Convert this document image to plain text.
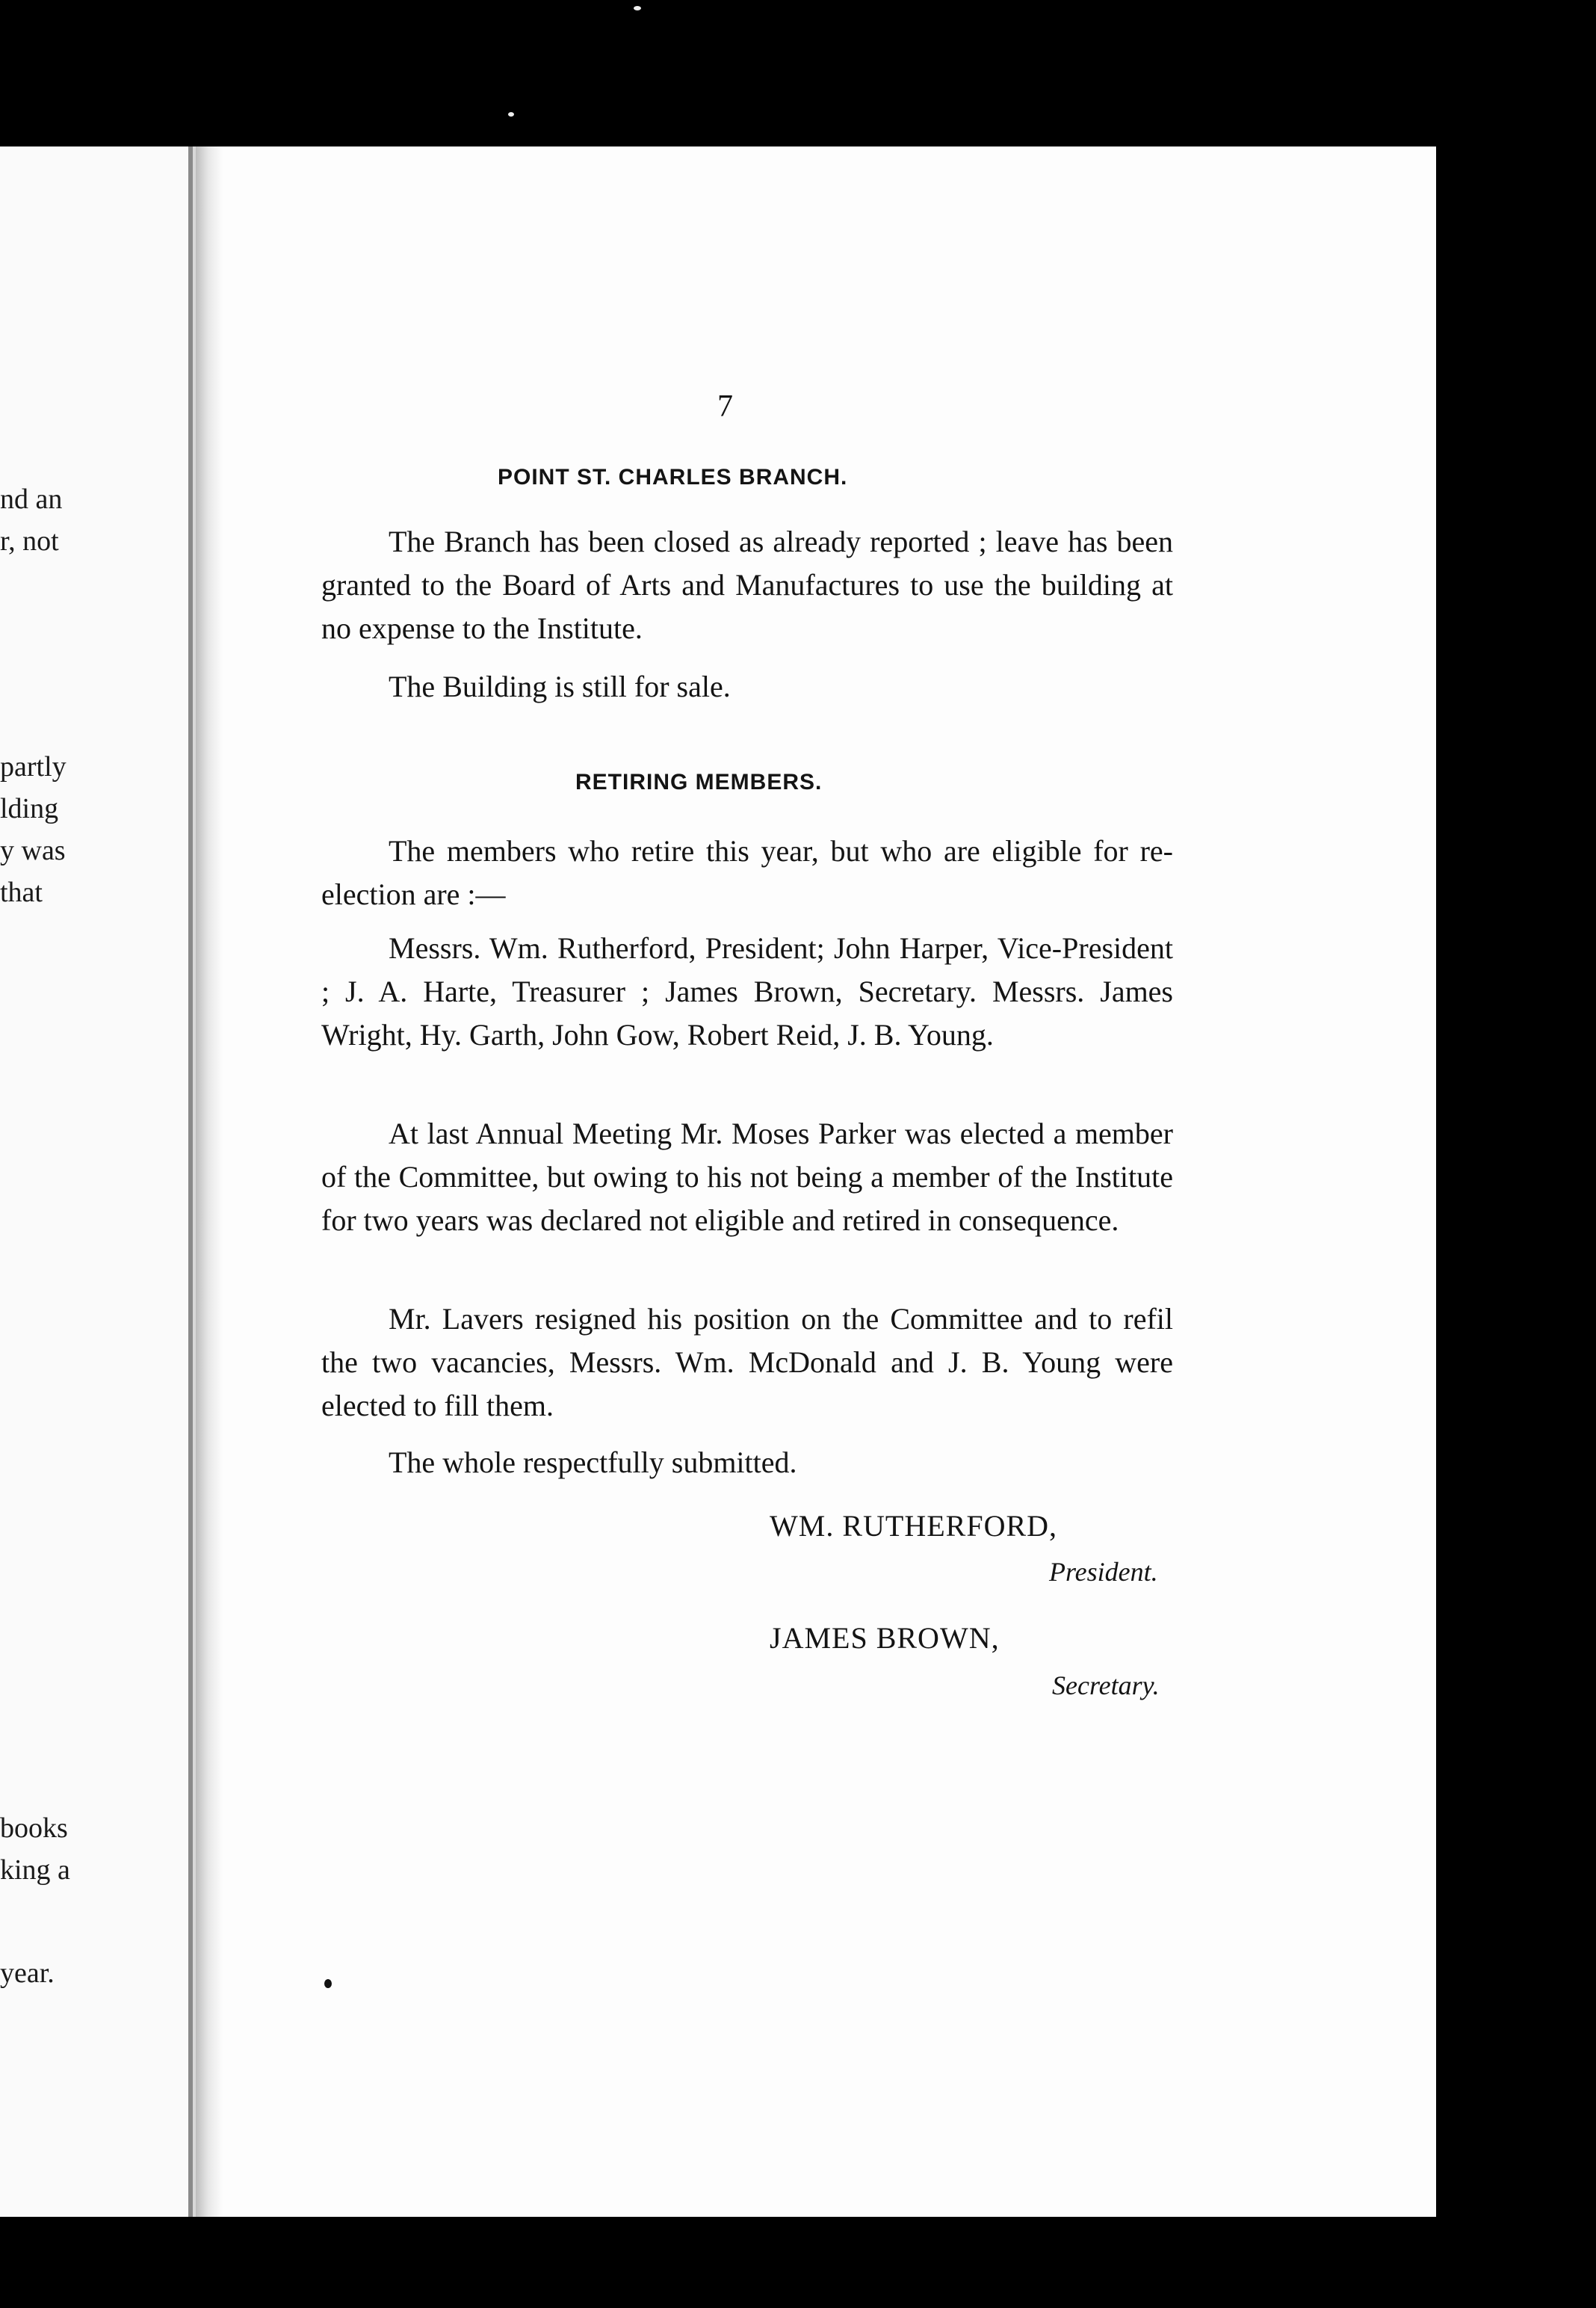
nd an
r, not
partly
lding
y was
that
books
king a
year.
7
POINT ST. CHARLES BRANCH.

The Branch has been closed as already reported ; leave has been granted to the Board of Arts and Manufactures to use the building at no expense to the Institute.

The Building is still for sale.

RETIRING MEMBERS.

The members who retire this year, but who are eligible for re-election are :—

Messrs. Wm. Rutherford, President; John Harper, Vice-President ; J. A. Harte, Treasurer ; James Brown, Secretary. Messrs. James Wright, Hy. Garth, John Gow, Robert Reid, J. B. Young.

At last Annual Meeting Mr. Moses Parker was elected a member of the Committee, but owing to his not being a member of the Institute for two years was declared not eligible and retired in consequence.

Mr. Lavers resigned his position on the Committee and to refil the two vacancies, Messrs. Wm. McDonald and J. B. Young were elected to fill them.

The whole respectfully submitted.

WM. RUTHERFORD,
President.
JAMES BROWN,
Secretary.
